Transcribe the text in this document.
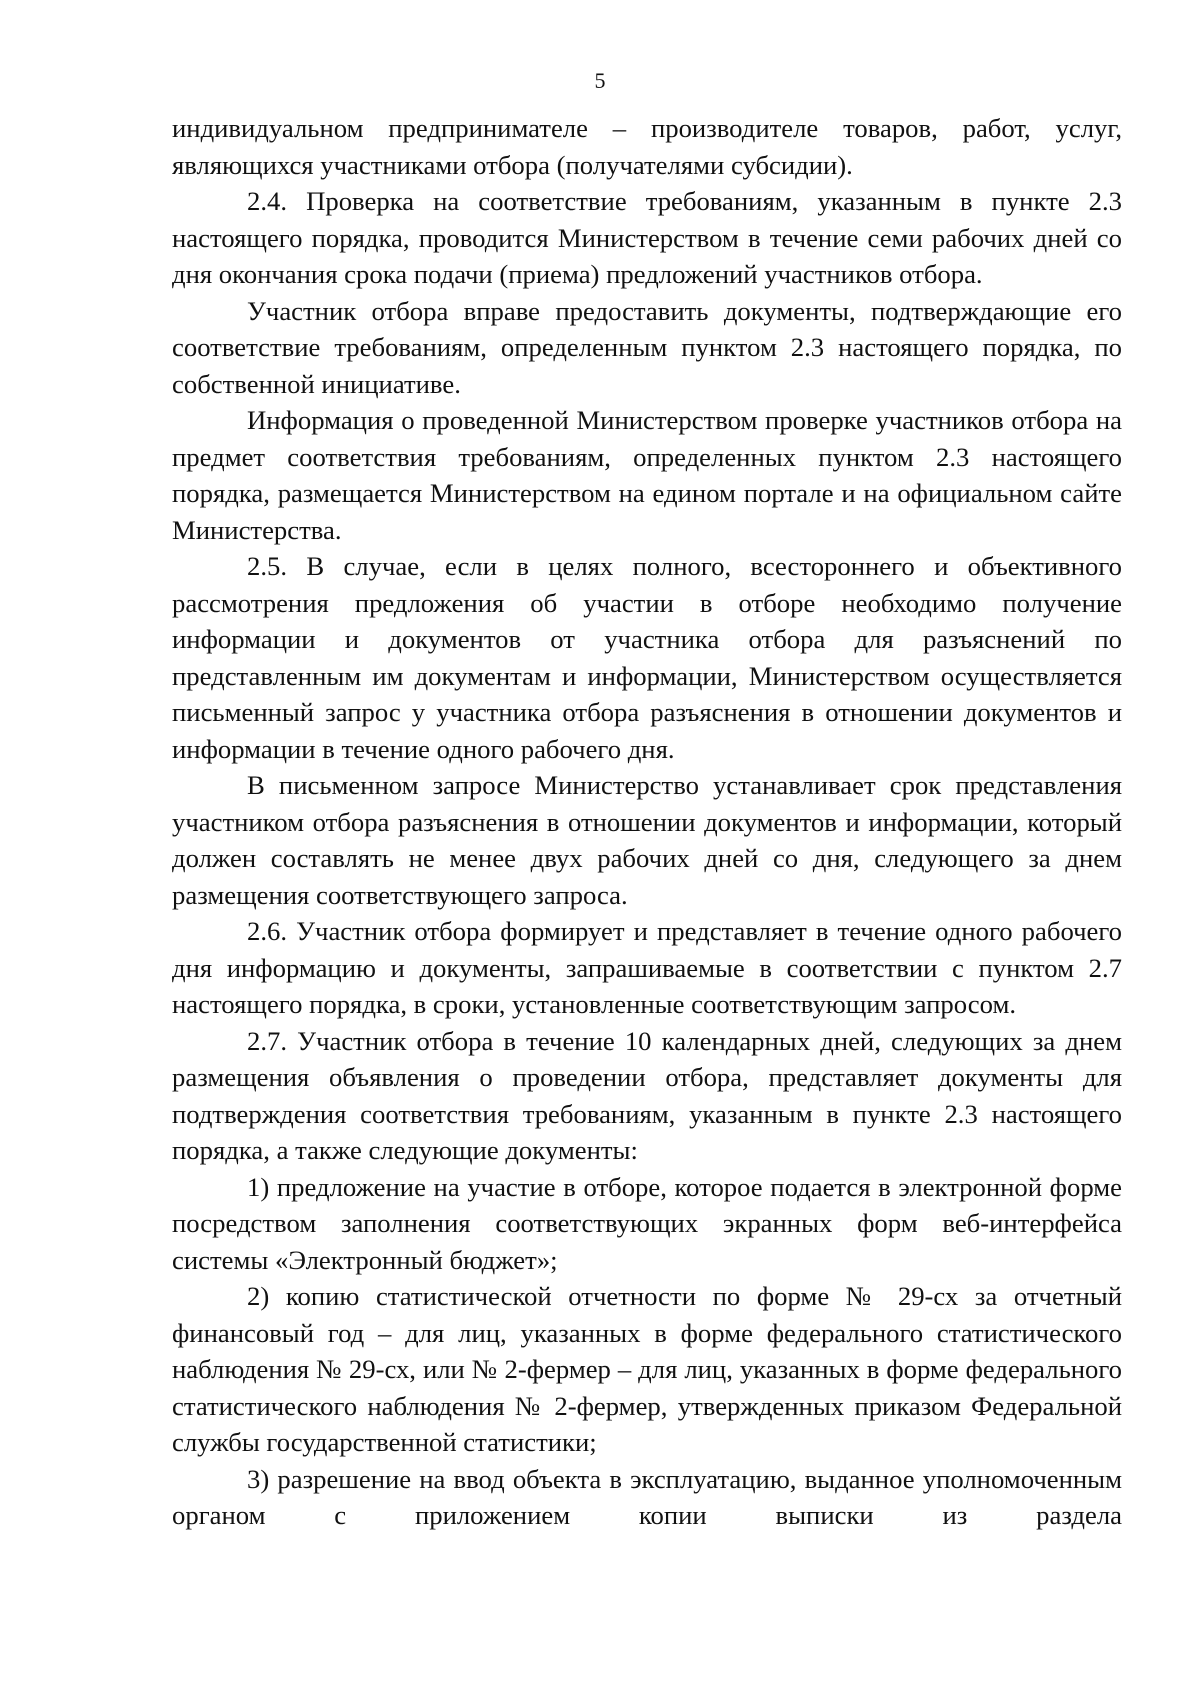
5

индивидуальном предпринимателе – производителе товаров, работ, услуг, являющихся участниками отбора (получателями субсидии).

2.4. Проверка на соответствие требованиям, указанным в пункте 2.3 настоящего порядка, проводится Министерством в течение семи рабочих дней со дня окончания срока подачи (приема) предложений участников отбора.

Участник отбора вправе предоставить документы, подтверждающие его соответствие требованиям, определенным пунктом 2.3 настоящего порядка, по собственной инициативе.

Информация о проведенной Министерством проверке участников отбора на предмет соответствия требованиям, определенных пунктом 2.3 настоящего порядка, размещается Министерством на едином портале и на официальном сайте Министерства.

2.5. В случае, если в целях полного, всестороннего и объективного рассмотрения предложения об участии в отборе необходимо получение информации и документов от участника отбора для разъяснений по представленным им документам и информации, Министерством осуществляется письменный запрос у участника отбора разъяснения в отношении документов и информации в течение одного рабочего дня.

В письменном запросе Министерство устанавливает срок представления участником отбора разъяснения в отношении документов и информации, который должен составлять не менее двух рабочих дней со дня, следующего за днем размещения соответствующего запроса.

2.6. Участник отбора формирует и представляет в течение одного рабочего дня информацию и документы, запрашиваемые в соответствии с пунктом 2.7 настоящего порядка, в сроки, установленные соответствующим запросом.

2.7. Участник отбора в течение 10 календарных дней, следующих за днем размещения объявления о проведении отбора, представляет документы для подтверждения соответствия требованиям, указанным в пункте 2.3 настоящего порядка, а также следующие документы:

1) предложение на участие в отборе, которое подается в электронной форме посредством заполнения соответствующих экранных форм веб-интерфейса системы «Электронный бюджет»;

2) копию статистической отчетности по форме № 29-сх за отчетный финансовый год – для лиц, указанных в форме федерального статистического наблюдения № 29-сх, или № 2-фермер – для лиц, указанных в форме федерального статистического наблюдения № 2-фермер, утвержденных приказом Федеральной службы государственной статистики;

3) разрешение на ввод объекта в эксплуатацию, выданное уполномоченным органом с приложением копии выписки из раздела
